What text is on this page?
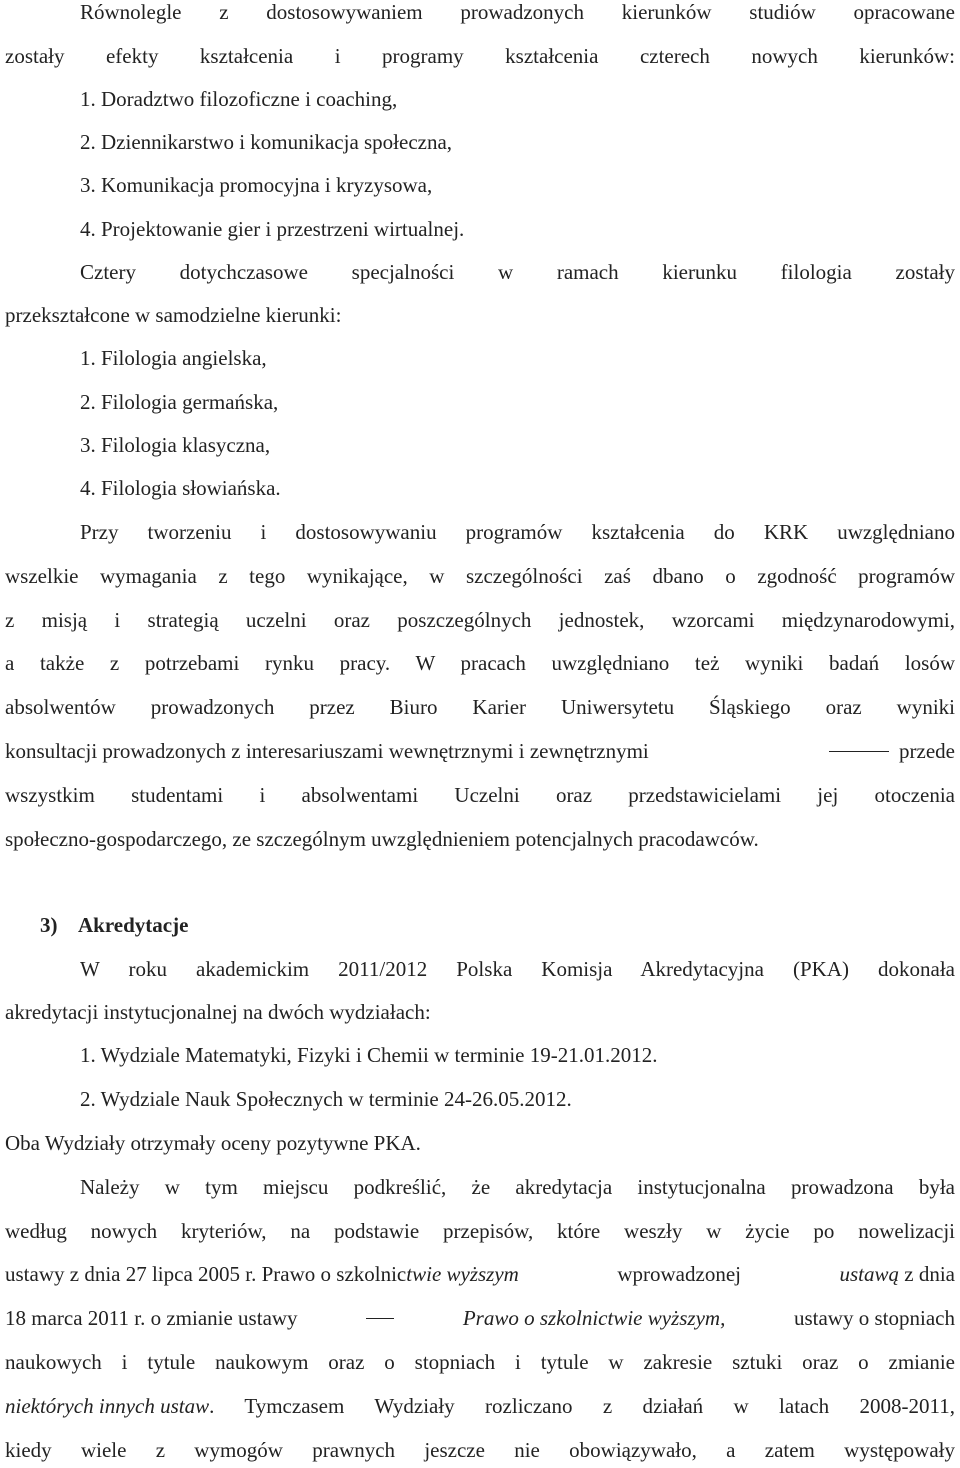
Równolegle z dostosowywaniem prowadzonych kierunków studiów opracowane
zostały efekty kształcenia i programy kształcenia czterech nowych kierunków:
1. Doradztwo filozoficzne i coaching,
2. Dziennikarstwo i komunikacja społeczna,
3. Komunikacja promocyjna i kryzysowa,
4. Projektowanie gier i przestrzeni wirtualnej.
Cztery dotychczasowe specjalności w ramach kierunku filologia zostały
przekształcone w samodzielne kierunki:
1. Filologia angielska,
2. Filologia germańska,
3. Filologia klasyczna,
4. Filologia słowiańska.
Przy tworzeniu i dostosowywaniu programów kształcenia do KRK uwzględniano
wszelkie wymagania z tego wynikające, w szczególności zaś dbano o zgodność programów
z misją i strategią uczelni oraz poszczególnych jednostek, wzorcami międzynarodowymi,
a także z potrzebami rynku pracy. W pracach uwzględniano też wyniki badań losów
absolwentów prowadzonych przez Biuro Karier Uniwersytetu Śląskiego oraz wyniki
konsultacji prowadzonych z interesariuszami wewnętrznymi i zewnętrznymi	przede
wszystkim studentami i absolwentami Uczelni oraz przedstawicielami jej otoczenia
społeczno-gospodarczego, ze szczególnym uwzględnieniem potencjalnych pracodawców.
3) Akredytacje
W roku akademickim 2011/2012 Polska Komisja Akredytacyjna (PKA) dokonała
akredytacji instytucjonalnej na dwóch wydziałach:
1. Wydziale Matematyki, Fizyki i Chemii w terminie 19-21.01.2012.
2. Wydziale Nauk Społecznych w terminie 24-26.05.2012.
Oba Wydziały otrzymały oceny pozytywne PKA.
Należy w tym miejscu podkreślić, że akredytacja instytucjonalna prowadzona była
według nowych kryteriów, na podstawie przepisów, które weszły w życie po nowelizacji
ustawy z dnia 27 lipca 2005 r. Prawo o szkolnictwie wyższym	wprowadzonej	ustawą z dnia
18 marca 2011 r. o zmianie ustawy	Prawo o szkolnictwie wyższym,	ustawy o stopniach
naukowych i tytule naukowym oraz o stopniach i tytule w zakresie sztuki oraz o zmianie
niektórych innych ustaw . Tymczasem Wydziały rozliczano z działań w latach 2008-2011,
kiedy wiele z wymogów prawnych jeszcze nie obowiązywało, a zatem występowały
